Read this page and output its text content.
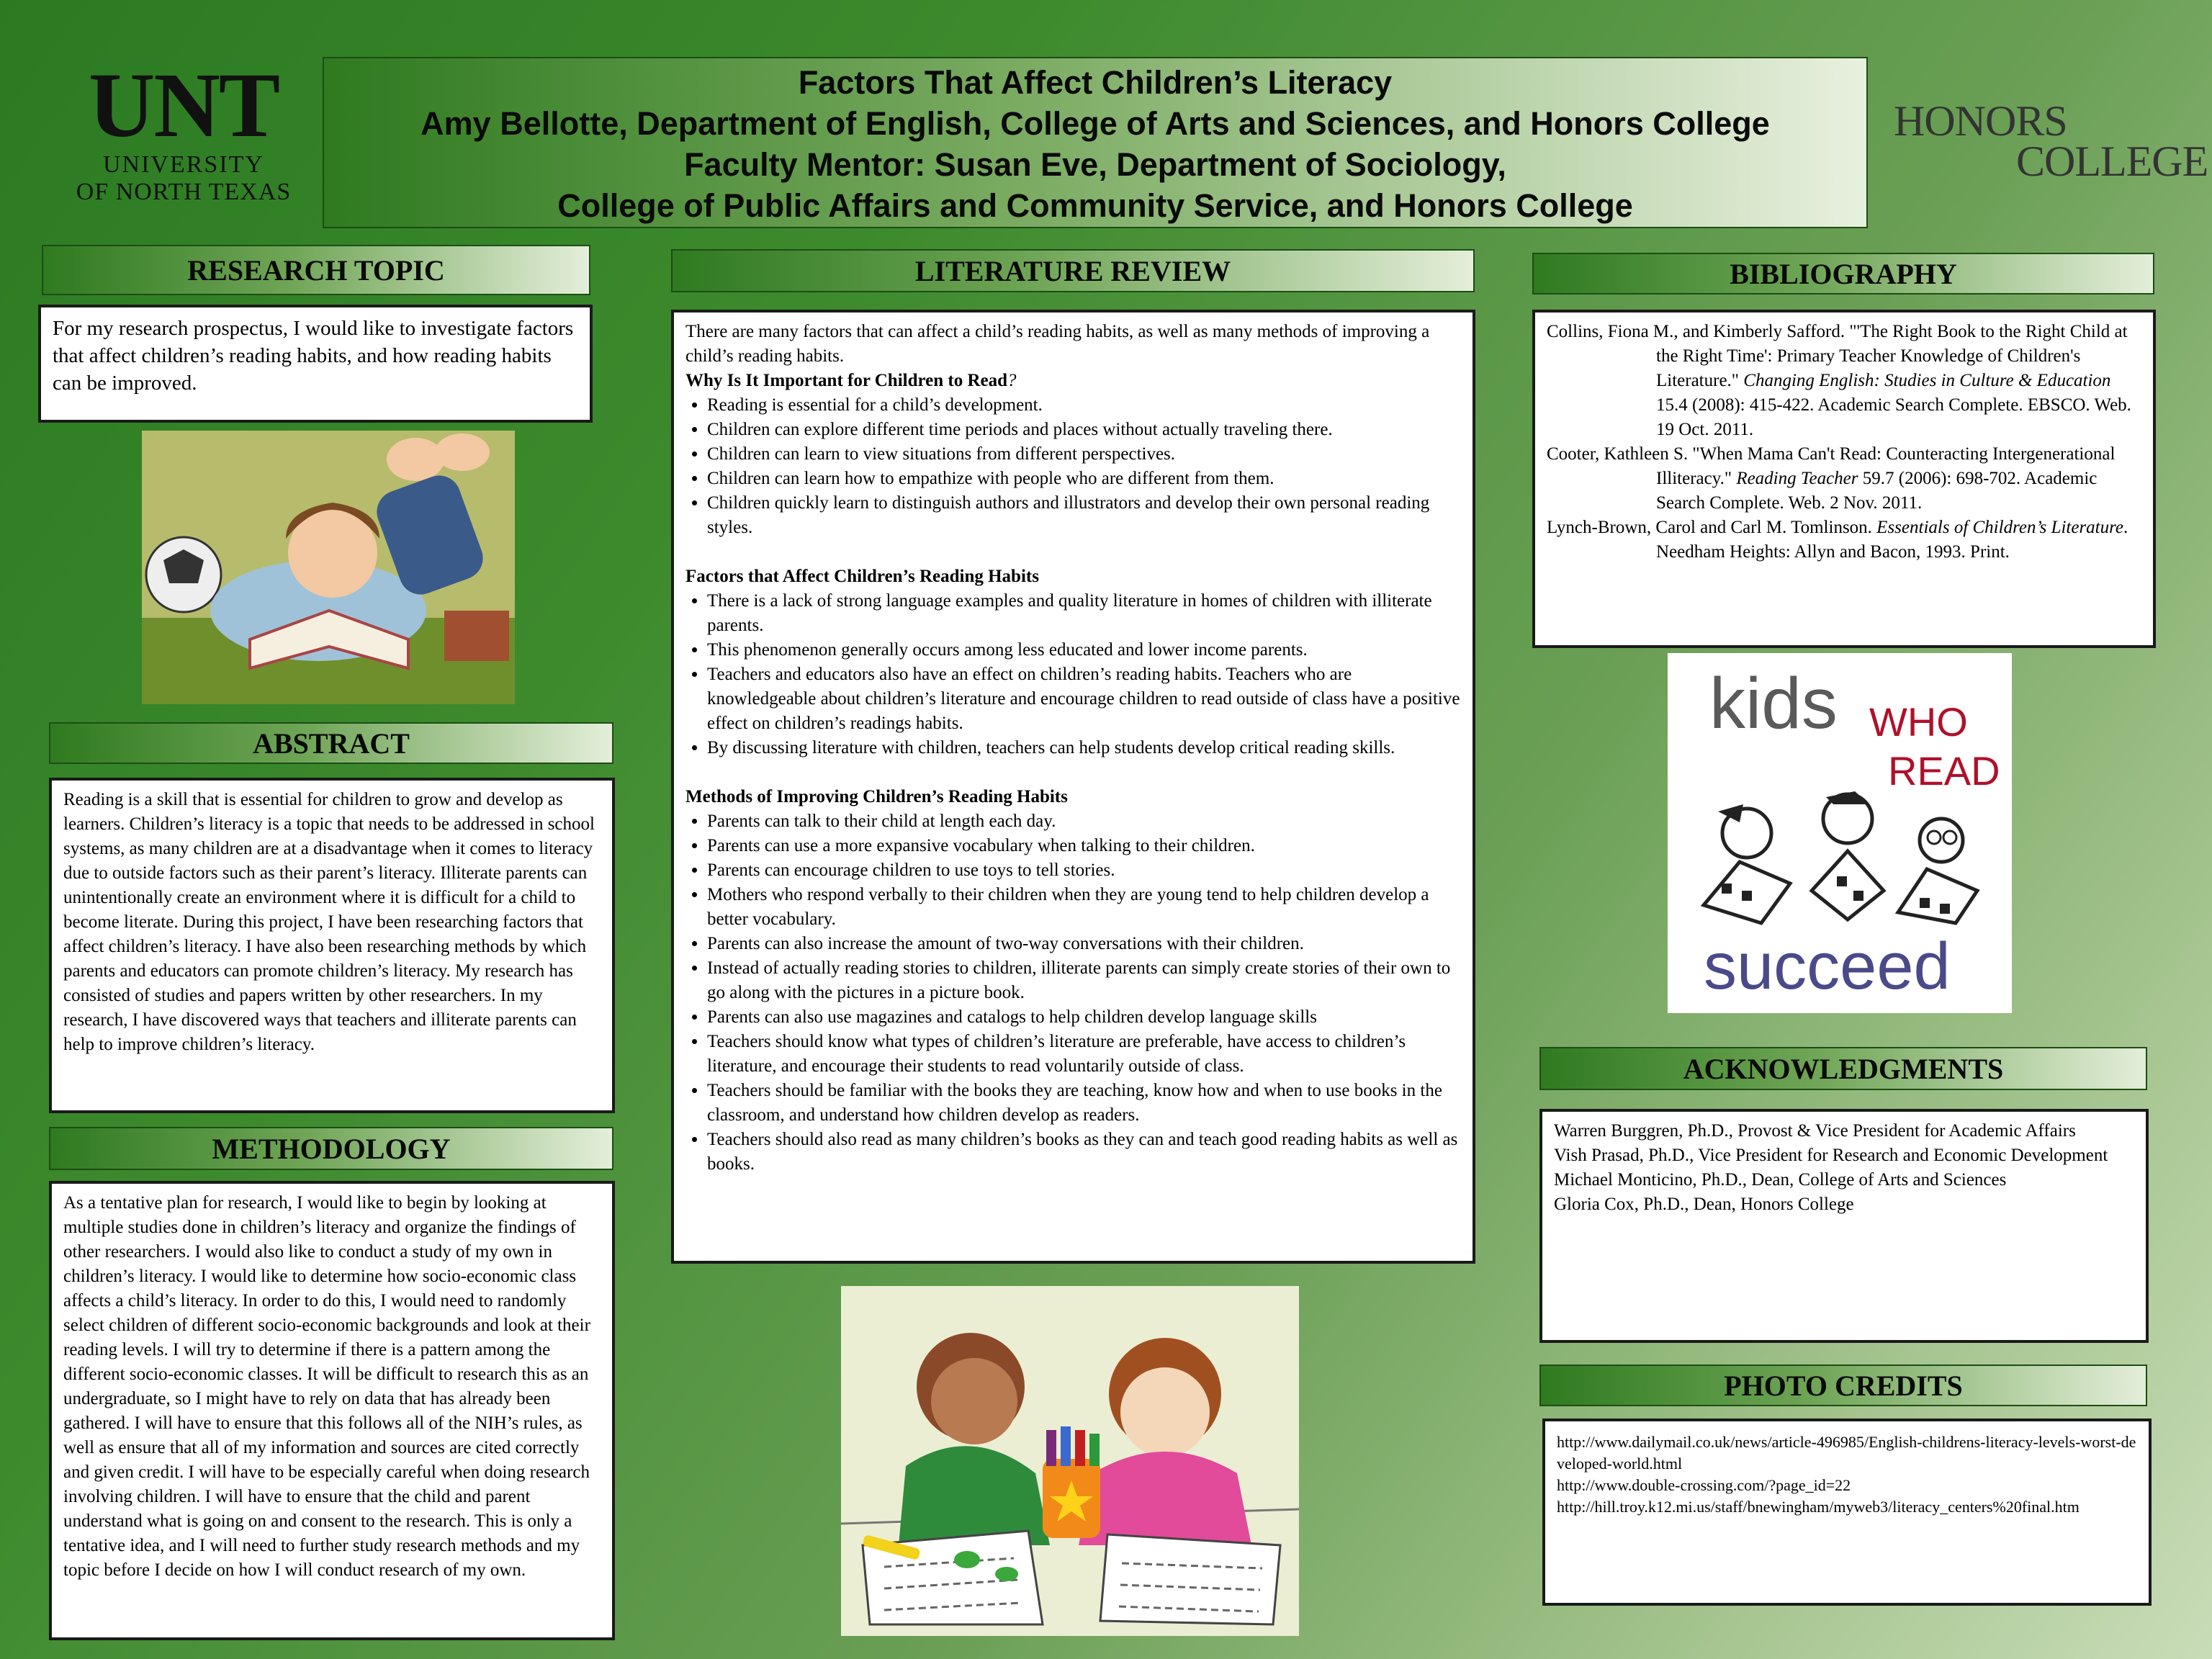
UNT
UNIVERSITY
OF NORTH TEXAS
Factors That Affect Children’s Literacy
Amy Bellotte, Department of English, College of Arts and Sciences, and Honors College
Faculty Mentor: Susan Eve, Department of Sociology,
College of Public Affairs and Community Service, and Honors College
HONORS
COLLEGE
RESEARCH TOPIC

For my research prospectus, I would like to investigate factors that affect children’s reading habits, and how reading habits can be improved.

ABSTRACT

Reading is a skill that is essential for children to grow and develop as learners. Children’s literacy is a topic that needs to be addressed in school systems, as many children are at a disadvantage when it comes to literacy due to outside factors such as their parent’s literacy. Illiterate parents can unintentionally create an environment where it is difficult for a child to become literate. During this project, I have been researching factors that affect children’s literacy. I have also been researching methods by which parents and educators can promote children’s literacy. My research has consisted of studies and papers written by other researchers. In my research, I have discovered ways that teachers and illiterate parents can help to improve children’s literacy.

METHODOLOGY

As a tentative plan for research, I would like to begin by looking at multiple studies done in children’s literacy and organize the findings of other researchers. I would also like to conduct a study of my own in children’s literacy. I would like to determine how socio-economic class affects a child’s literacy. In order to do this, I would need to randomly select children of different socio-economic backgrounds and look at their reading levels. I will try to determine if there is a pattern among the different socio-economic classes. It will be difficult to research this as an undergraduate, so I might have to rely on data that has already been gathered. I will have to ensure that this follows all of the NIH’s rules, as well as ensure that all of my information and sources are cited correctly and given credit. I will have to be especially careful when doing research involving children. I will have to ensure that the child and parent understand what is going on and consent to the research. This is only a tentative idea, and I will need to further study research methods and my topic before I decide on how I will conduct research of my own.

LITERATURE REVIEW

There are many factors that can affect a child’s reading habits, as well as many methods of improving a child’s reading habits.

Why Is It Important for Children to Read?

• Reading is essential for a child’s development.
• Children can explore different time periods and places without actually traveling there.
• Children can learn to view situations from different perspectives.
• Children can learn how to empathize with people who are different from them.
• Children quickly learn to distinguish authors and illustrators and develop their own personal reading styles.

Factors that Affect Children’s Reading Habits

• There is a lack of strong language examples and quality literature in homes of children with illiterate parents.
• This phenomenon generally occurs among less educated and lower income parents.
• Teachers and educators also have an effect on children’s reading habits. Teachers who are knowledgeable about children’s literature and encourage children to read outside of class have a positive effect on children’s readings habits.
• By discussing literature with children, teachers can help students develop critical reading skills.

Methods of Improving Children’s Reading Habits

• Parents can talk to their child at length each day.
• Parents can use a more expansive vocabulary when talking to their children.
• Parents can encourage children to use toys to tell stories.
• Mothers who respond verbally to their children when they are young tend to help children develop a better vocabulary.
• Parents can also increase the amount of two-way conversations with their children.
• Instead of actually reading stories to children, illiterate parents can simply create stories of their own to go along with the pictures in a picture book.
• Parents can also use magazines and catalogs to help children develop language skills
• Teachers should know what types of children’s literature are preferable, have access to children’s literature, and encourage their students to read voluntarily outside of class.
• Teachers should be familiar with the books they are teaching, know how and when to use books in the classroom, and understand how children develop as readers.
• Teachers should also read as many children’s books as they can and teach good reading habits as well as books.
BIBLIOGRAPHY

Collins, Fiona M., and Kimberly Safford. "'The Right Book to the Right Child at the Right Time': Primary Teacher Knowledge of Children's Literature." Changing English: Studies in Culture & Education 15.4 (2008): 415-422. Academic Search Complete. EBSCO. Web. 19 Oct. 2011.

Cooter, Kathleen S. "When Mama Can't Read: Counteracting Intergenerational Illiteracy." Reading Teacher 59.7 (2006): 698-702. Academic Search Complete. Web. 2 Nov. 2011.

Lynch-Brown, Carol and Carl M. Tomlinson. Essentials of Children’s Literature. Needham Heights: Allyn and Bacon, 1993. Print.

kids WHO
READ
succeed
ACKNOWLEDGMENTS

Warren Burggren, Ph.D., Provost & Vice President for Academic Affairs

Vish Prasad, Ph.D., Vice President for Research and Economic Development

Michael Monticino, Ph.D., Dean, College of Arts and Sciences

Gloria Cox, Ph.D., Dean, Honors College

PHOTO CREDITS

http://www.dailymail.co.uk/news/article-496985/English-childrens-literacy-levels-worst-developed-world.html

http://www.double-crossing.com/?page_id=22

http://hill.troy.k12.mi.us/staff/bnewingham/myweb3/literacy_centers%20final.htm
